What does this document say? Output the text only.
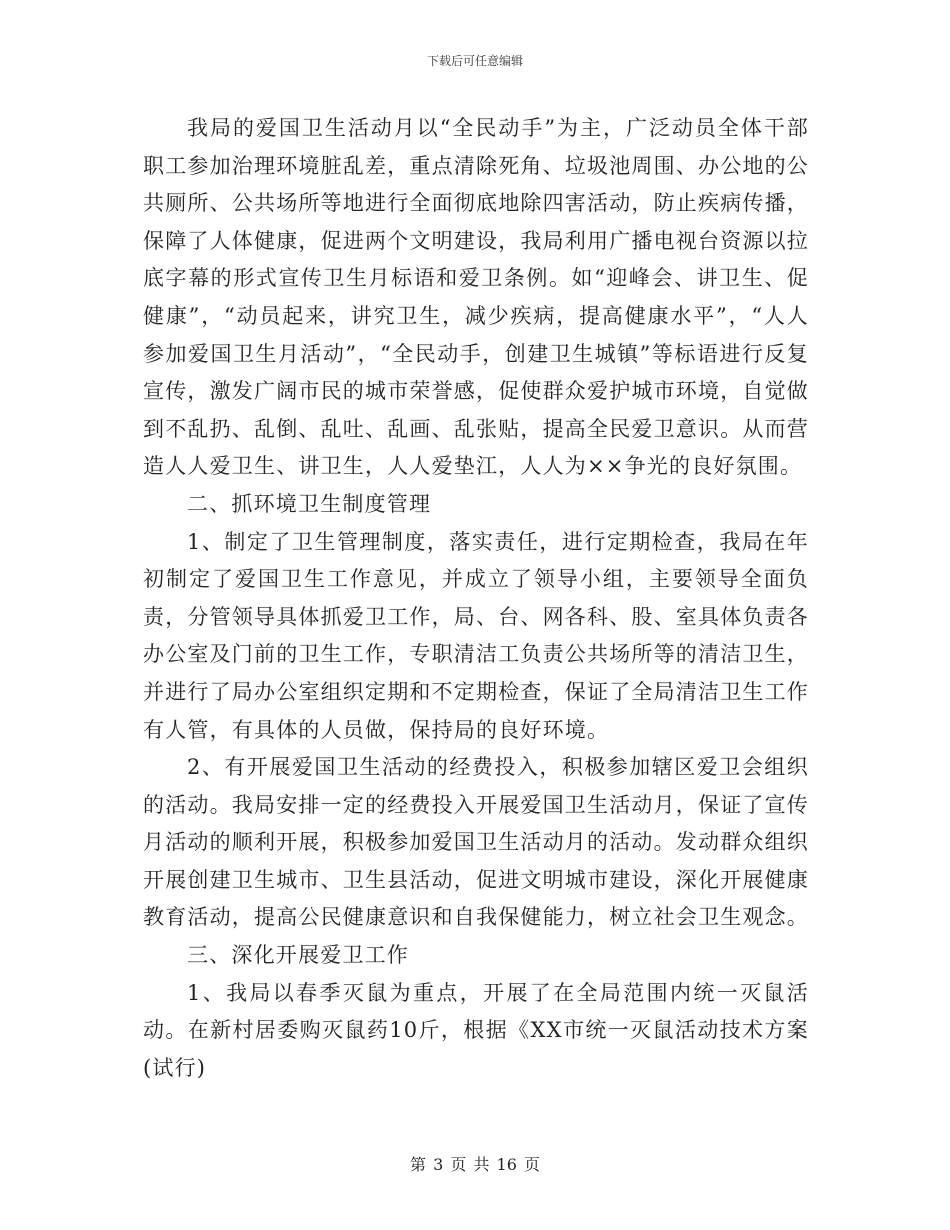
下载后可任意编辑

我局的爱国卫生活动月以“全民动手”为主，广泛动员全体干部职工参加治理环境脏乱差，重点清除死角、垃圾池周围、办公地的公共厕所、公共场所等地进行全面彻底地除四害活动，防止疾病传播，保障了人体健康，促进两个文明建设，我局利用广播电视台资源以拉底字幕的形式宣传卫生月标语和爱卫条例。如“迎峰会、讲卫生、促健康”，“动员起来，讲究卫生，减少疾病，提高健康水平”，“人人参加爱国卫生月活动”，“全民动手，创建卫生城镇”等标语进行反复宣传，激发广阔市民的城市荣誉感，促使群众爱护城市环境，自觉做到不乱扔、乱倒、乱吐、乱画、乱张贴，提高全民爱卫意识。从而营造人人爱卫生、讲卫生，人人爱垫江，人人为××争光的良好氛围。

二、抓环境卫生制度管理

1、制定了卫生管理制度，落实责任，进行定期检查，我局在年初制定了爱国卫生工作意见，并成立了领导小组，主要领导全面负责，分管领导具体抓爱卫工作，局、台、网各科、股、室具体负责各办公室及门前的卫生工作，专职清洁工负责公共场所等的清洁卫生，并进行了局办公室组织定期和不定期检查，保证了全局清洁卫生工作有人管，有具体的人员做，保持局的良好环境。

2、有开展爱国卫生活动的经费投入，积极参加辖区爱卫会组织的活动。我局安排一定的经费投入开展爱国卫生活动月，保证了宣传月活动的顺利开展，积极参加爱国卫生活动月的活动。发动群众组织开展创建卫生城市、卫生县活动，促进文明城市建设，深化开展健康教育活动，提高公民健康意识和自我保健能力，树立社会卫生观念。

三、深化开展爱卫工作

1、我局以春季灭鼠为重点，开展了在全局范围内统一灭鼠活动。在新村居委购灭鼠药10斤，根据《XX市统一灭鼠活动技术方案(试行)

第 3 页 共 16 页
